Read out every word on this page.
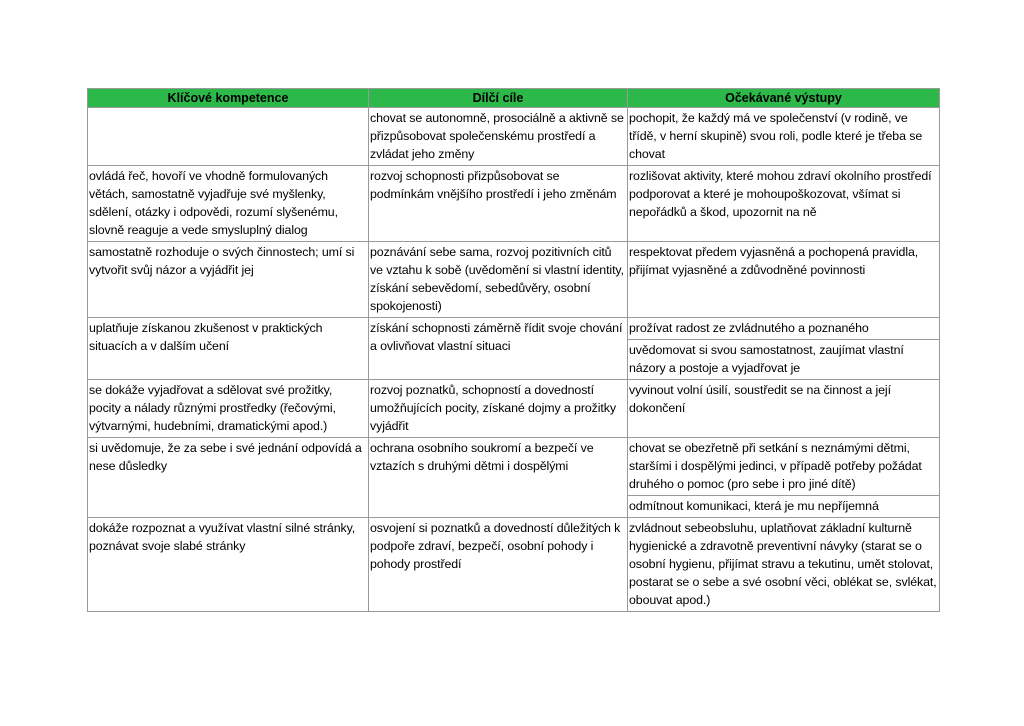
Klíčové kompetence	Dílčí cíle	Očekávané výstupy
	chovat se autonomně, prosociálně a aktivně se přizpůsobovat společenskému prostředí a zvládat jeho změny	pochopit, že každý má ve společenství (v rodině, ve třídě, v herní skupině) svou roli, podle které je třeba se chovat
ovládá řeč, hovoří ve vhodně formulovaných větách, samostatně vyjadřuje své myšlenky, sdělení, otázky i odpovědi, rozumí slyšenému, slovně reaguje a vede smysluplný dialog	rozvoj schopnosti přizpůsobovat se podmínkám vnějšího prostředí i jeho změnám	rozlišovat aktivity, které mohou zdraví okolního prostředí podporovat a které je mohoupoškozovat, všímat si nepořádků a škod, upozornit na ně
samostatně rozhoduje o svých činnostech; umí si vytvořit svůj názor a vyjádřit jej	poznávání sebe sama, rozvoj pozitivních citů ve vztahu k sobě (uvědomění si vlastní identity, získání sebevědomí, sebedůvěry, osobní spokojenosti)	respektovat předem vyjasněná a pochopená pravidla, přijímat vyjasněné a zdůvodněné povinnosti
uplatňuje získanou zkušenost v praktických situacích a v dalším učení	získání schopnosti záměrně řídit svoje chování a ovlivňovat vlastní situaci	prožívat radost ze zvládnutého a poznaného
		uvědomovat si svou samostatnost, zaujímat vlastní názory a postoje a vyjadřovat je
se dokáže vyjadřovat a sdělovat své prožitky, pocity a nálady různými prostředky (řečovými, výtvarnými, hudebními, dramatickými apod.)	rozvoj poznatků, schopností a dovedností umožňujících pocity, získané dojmy a prožitky vyjádřit	vyvinout volní úsilí, soustředit se na činnost a její dokončení
si uvědomuje, že za sebe i své jednání odpovídá a nese důsledky	ochrana osobního soukromí a bezpečí ve vztazích s druhými dětmi i dospělými	chovat se obezřetně při setkání s neznámými dětmi, staršími i dospělými jedinci, v případě potřeby požádat druhého o pomoc (pro sebe i pro jiné dítě)
		odmítnout komunikaci, která je mu nepříjemná
dokáže rozpoznat a využívat vlastní silné stránky, poznávat svoje slabé stránky	osvojení si poznatků a dovedností důležitých k podpoře zdraví, bezpečí, osobní pohody i pohody prostředí	zvládnout sebeobsluhu, uplatňovat základní kulturně hygienické a zdravotně preventivní návyky (starat se o osobní hygienu, přijímat stravu a tekutinu, umět stolovat, postarat se o sebe a své osobní věci, oblékat se, svlékat, obouvat apod.)
